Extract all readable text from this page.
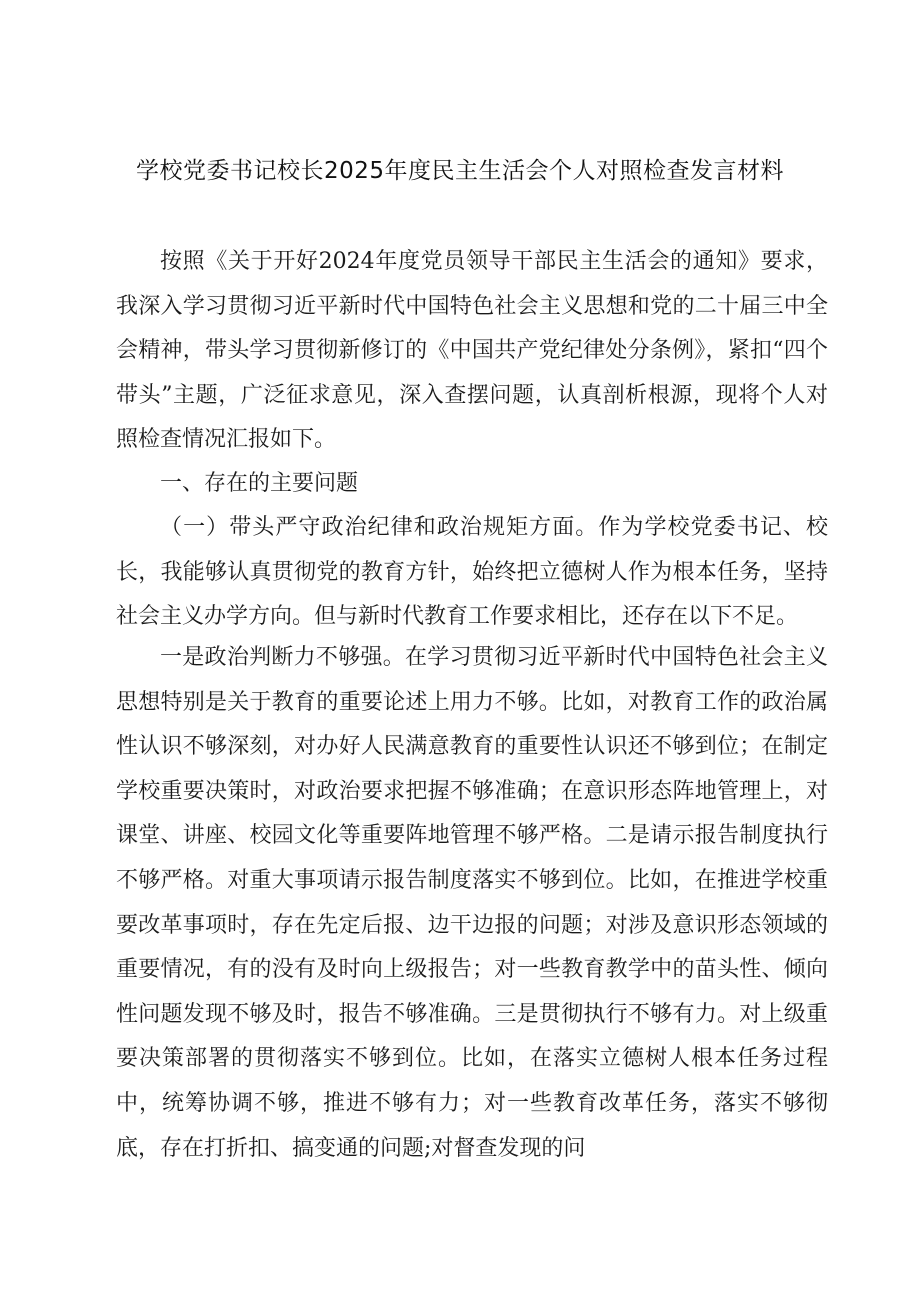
学校党委书记校长2025年度民主生活会个人对照检查发言材料

按照《关于开好2024年度党员领导干部民主生活会的通知》要求，我深入学习贯彻习近平新时代中国特色社会主义思想和党的二十届三中全会精神，带头学习贯彻新修订的《中国共产党纪律处分条例》，紧扣“四个带头”主题，广泛征求意见，深入查摆问题，认真剖析根源，现将个人对照检查情况汇报如下。

一、存在的主要问题

（一）带头严守政治纪律和政治规矩方面。作为学校党委书记、校长，我能够认真贯彻党的教育方针，始终把立德树人作为根本任务，坚持社会主义办学方向。但与新时代教育工作要求相比，还存在以下不足。

一是政治判断力不够强。在学习贯彻习近平新时代中国特色社会主义思想特别是关于教育的重要论述上用力不够。比如，对教育工作的政治属性认识不够深刻，对办好人民满意教育的重要性认识还不够到位；在制定学校重要决策时，对政治要求把握不够准确；在意识形态阵地管理上，对课堂、讲座、校园文化等重要阵地管理不够严格。二是请示报告制度执行不够严格。对重大事项请示报告制度落实不够到位。比如，在推进学校重要改革事项时，存在先定后报、边干边报的问题；对涉及意识形态领域的重要情况，有的没有及时向上级报告；对一些教育教学中的苗头性、倾向性问题发现不够及时，报告不够准确。三是贯彻执行不够有力。对上级重要决策部署的贯彻落实不够到位。比如，在落实立德树人根本任务过程中，统筹协调不够，推进不够有力；对一些教育改革任务，落实不够彻底，存在打折扣、搞变通的问题;对督查发现的问
